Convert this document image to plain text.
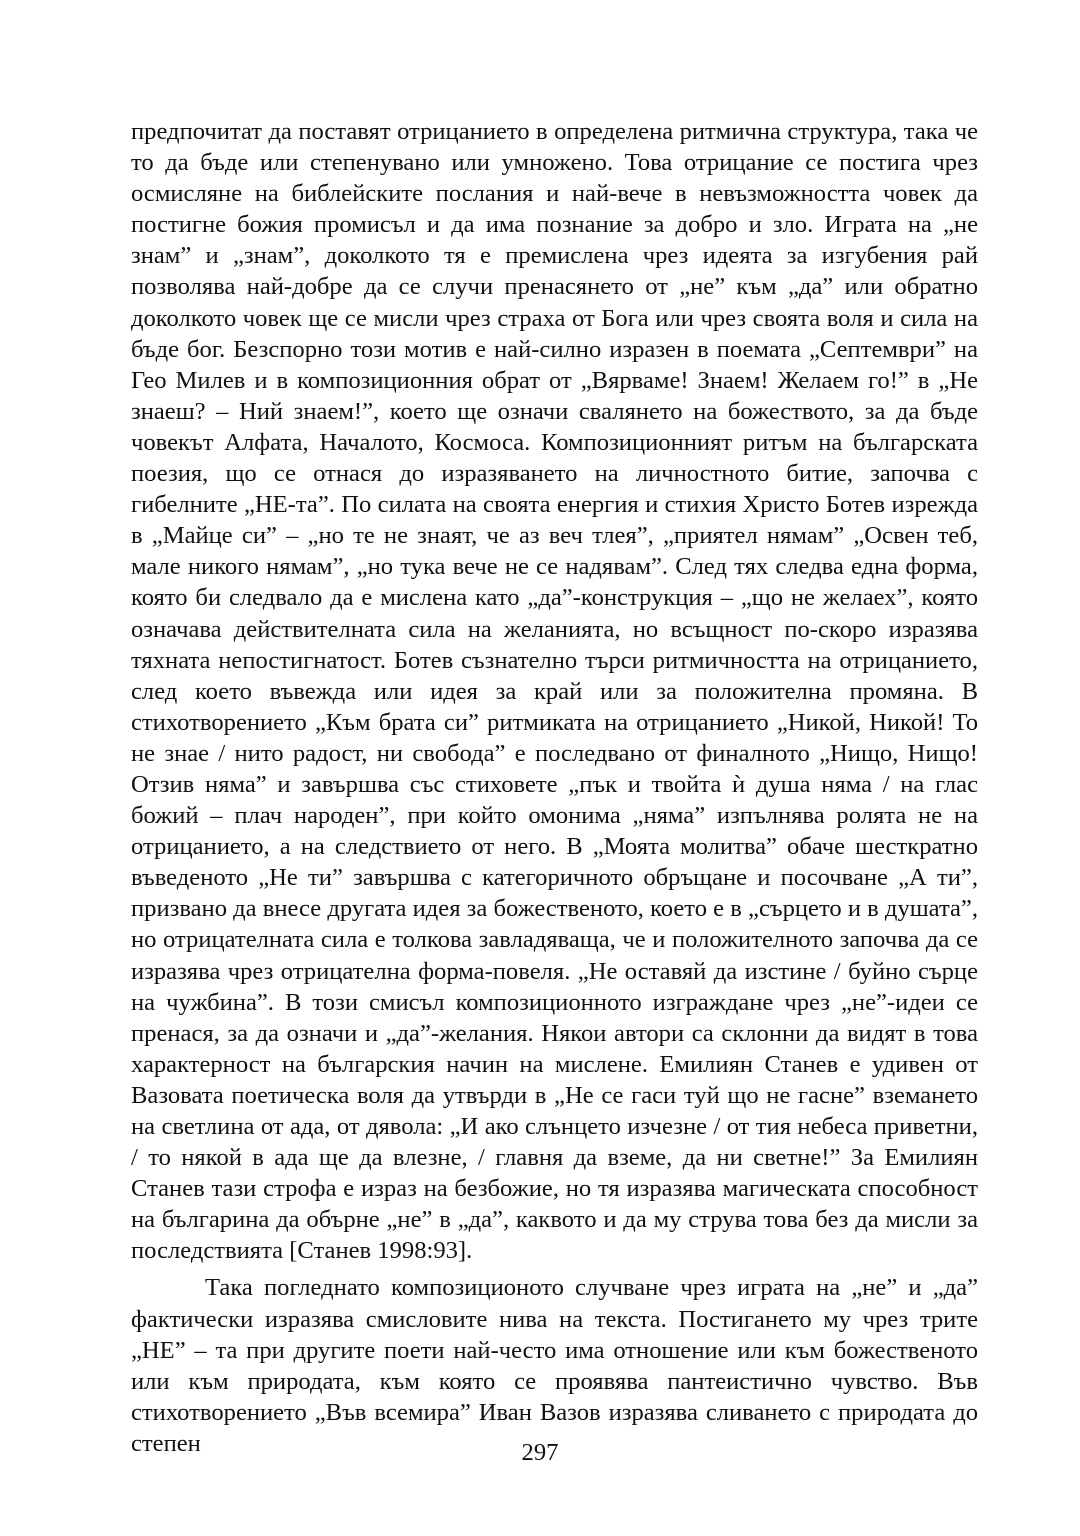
предпочитат да поставят отрицанието в определена ритмична структура, така че то да бъде или степенувано или умножено. Това отрицание се постига чрез осмисляне на библейските послания и най-вече в невъзможността човек да постигне божия промисъл и да има познание за добро и зло. Играта на „не знам” и „знам”, доколкото тя е премислена чрез идеята за изгубения рай позволява най-добре да се случи пренасянето от „не” към „да” или обратно доколкото човек ще се мисли чрез страха от Бога или чрез своята воля и сила на бъде бог. Безспорно този мотив е най-силно изразен в поемата „Септември” на Гео Милев и в композиционния обрат от „Вярваме! Знаем! Желаем го!” в „Не знаеш? – Ний знаем!”, което ще означи свалянето на божеството, за да бъде човекът Алфата, Началото, Космоса. Композиционният ритъм на българската поезия, що се отнася до изразяването на личностното битие, започва с гибелните „НЕ-та”. По силата на своята енергия и стихия Христо Ботев изрежда в „Майце си” – „но те не знаят, че аз веч тлея”, „приятел нямам” „Освен теб, мале никого нямам”, „но тука вече не се надявам”. След тях следва една форма, която би следвало да е мислена като „да”-конструкция – „що не желаех”, която означава действителната сила на желанията, но всъщност по-скоро изразява тяхната непостигнатост. Ботев съзнателно търси ритмичността на отрицанието, след което въвежда или идея за край или за положителна промяна. В стихотворението „Към брата си” ритмиката на отрицанието „Никой, Никой! То не знае / нито радост, ни свобода” е последвано от финалното „Нищо, Нищо! Отзив няма” и завършва със стиховете „пък и твойта ѝ душа няма / на глас божий – плач народен”, при който омонима „няма” изпълнява ролята не на отрицанието, а на следствието от него. В „Моята молитва” обаче шесткратно въведеното „Не ти” завършва с категоричното обръщане и посочване „А ти”, призвано да внесе другата идея за божественото, което е в „сърцето и в душата”, но отрицателната сила е толкова завладяваща, че и положителното започва да се изразява чрез отрицателна форма-повеля. „Не оставяй да изстине / буйно сърце на чужбина”. В този смисъл композиционното изграждане чрез „не”-идеи се пренася, за да означи и „да”-желания. Някои автори са склонни да видят в това характерност на българския начин на мислене. Емилиян Станев е удивен от Вазовата поетическа воля да утвърди в „Не се гаси туй що не гасне” вземането на светлина от ада, от дявола: „И ако слънцето изчезне / от тия небеса приветни, / то някой в ада ще да влезне, / главня да вземе, да ни светне!” За Емилиян Станев тази строфа е израз на безбожие, но тя изразява магическата способност на българина да обърне „не” в „да”, каквото и да му струва това без да мисли за последствията [Станев 1998:93].

Така погледнато композиционото случване чрез играта на „не” и „да” фактически изразява смисловите нива на текста. Постигането му чрез трите „НЕ” – та при другите поети най-често има отношение или към божественото или към природата, към която се проявява пантеистично чувство. Във стихотворението „Във всемира” Иван Вазов изразява сливането с природата до степен	297
